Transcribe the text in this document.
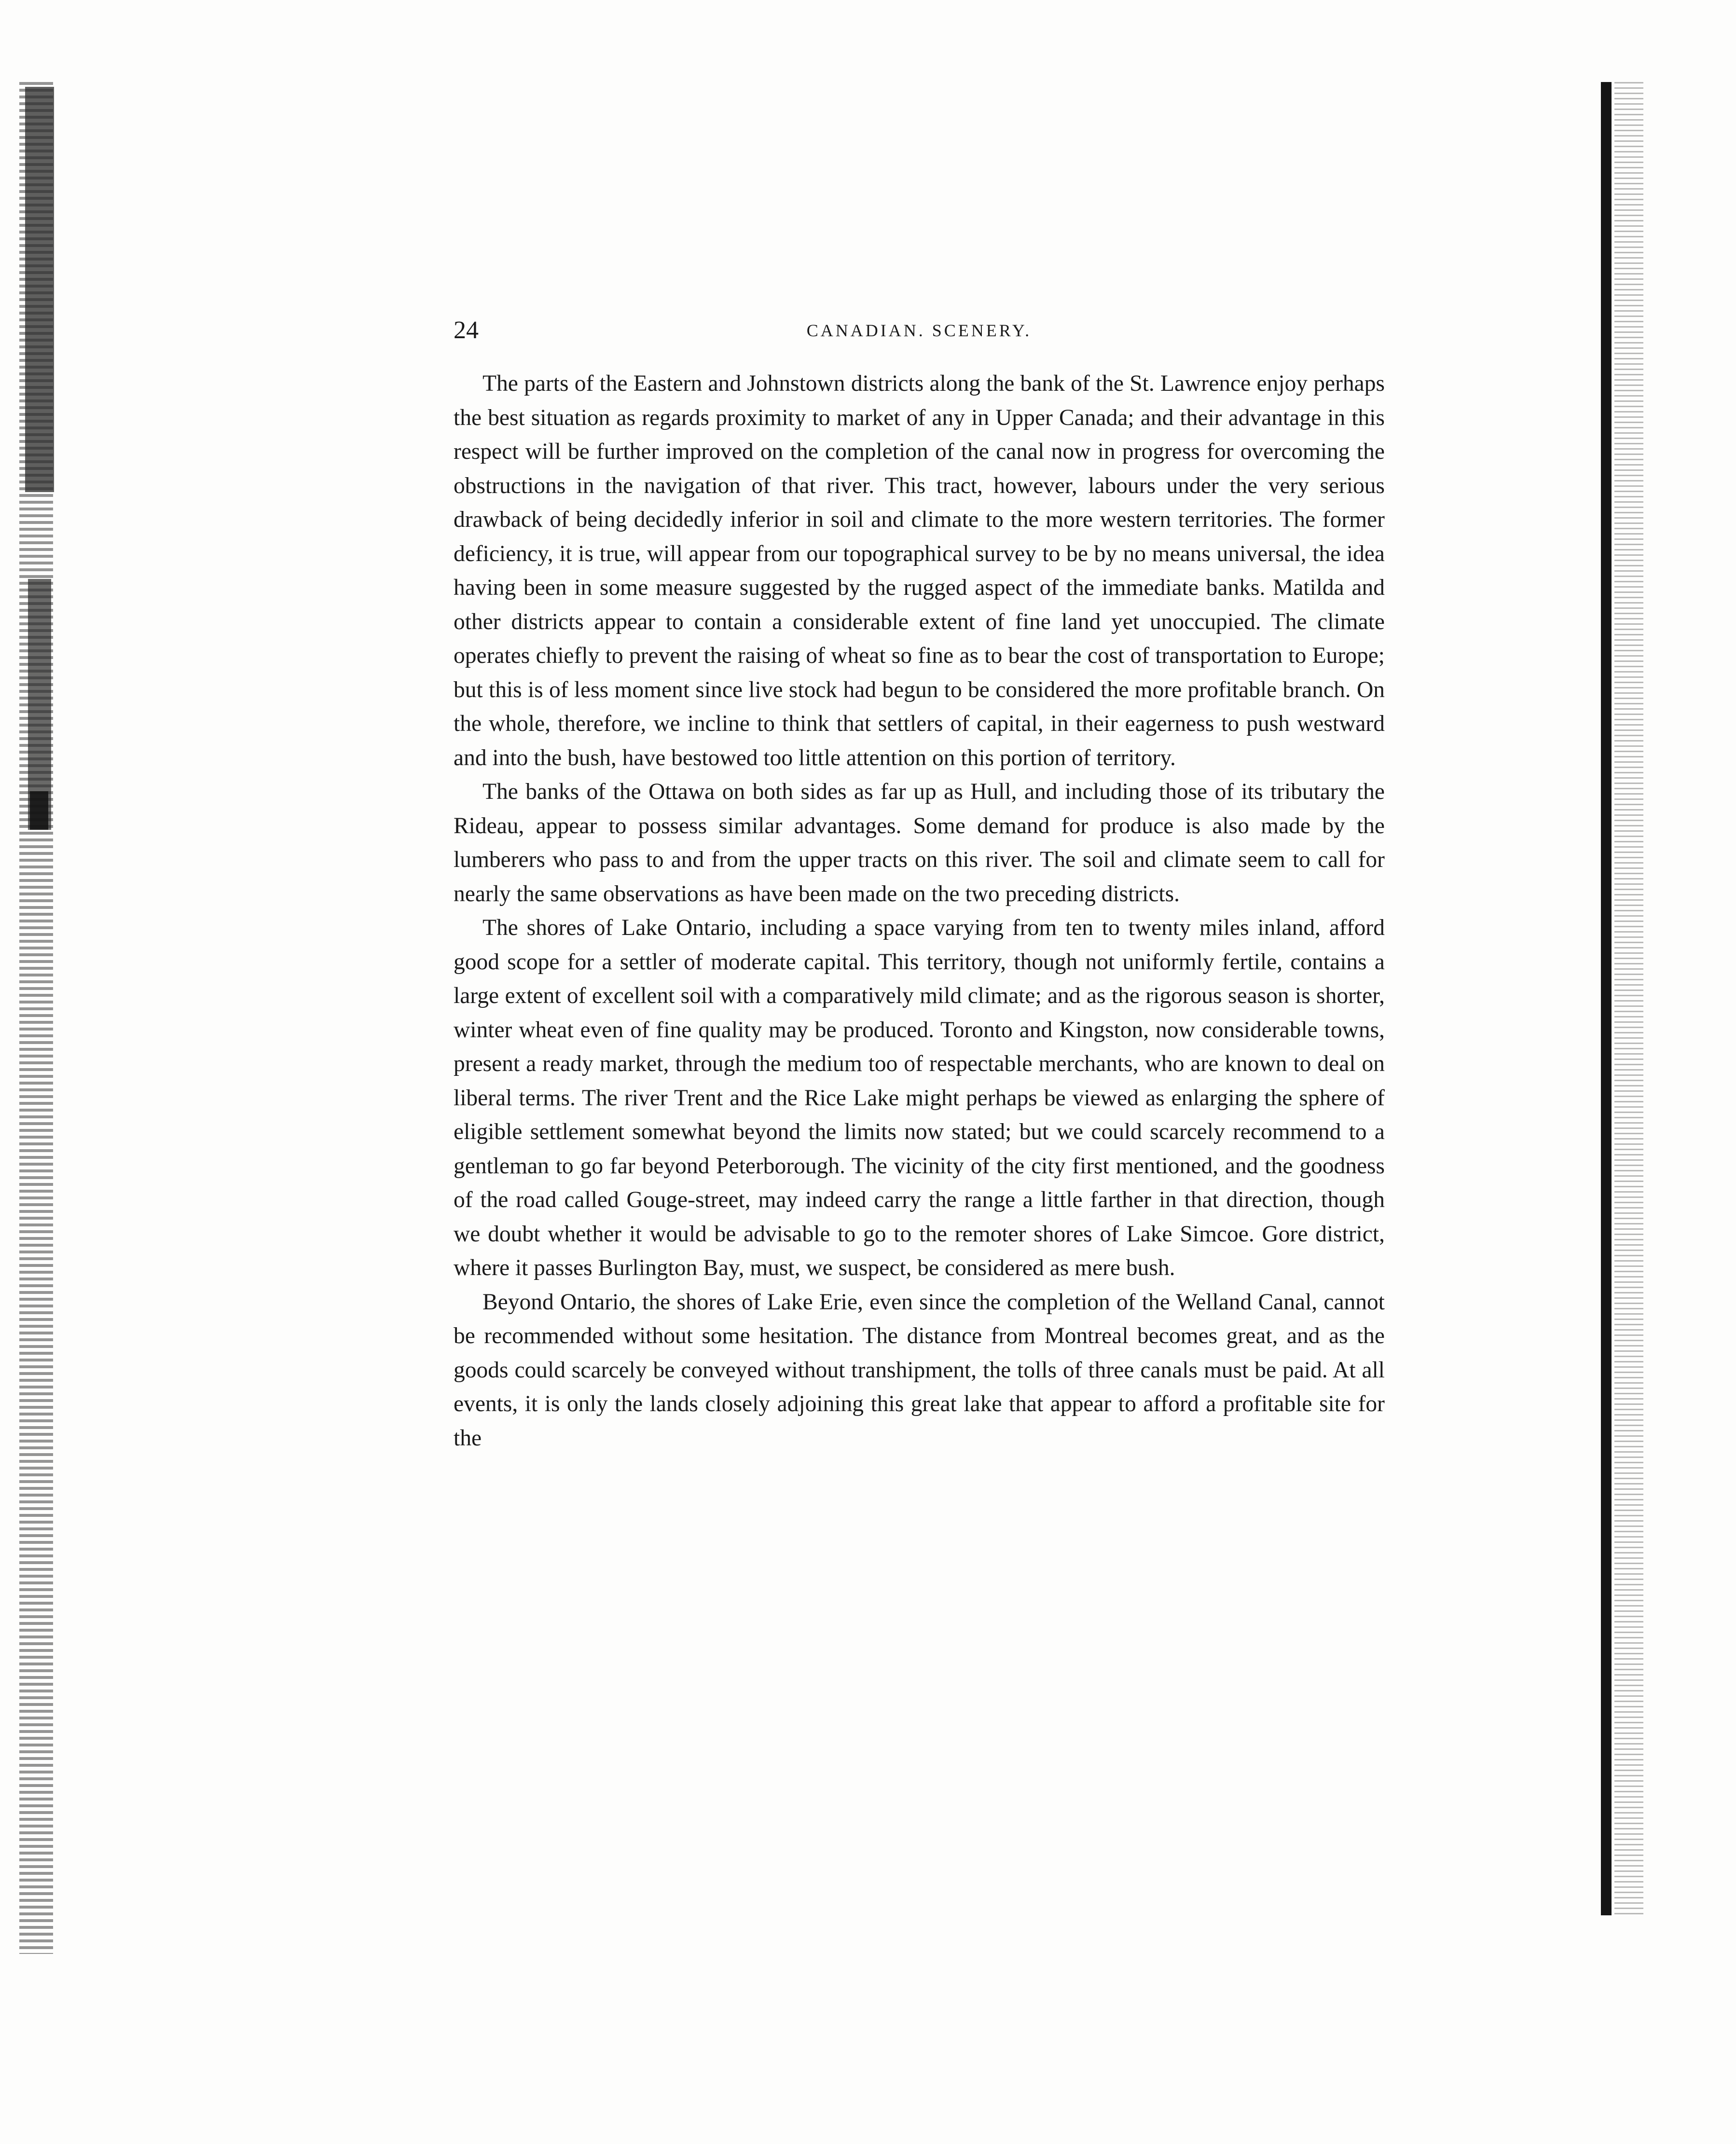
24	CANADIAN. SCENERY.

The parts of the Eastern and Johnstown districts along the bank of the St. Lawrence enjoy perhaps the best situation as regards proximity to market of any in Upper Canada; and their advantage in this respect will be further improved on the completion of the canal now in progress for overcoming the obstructions in the navigation of that river. This tract, however, labours under the very serious drawback of being decidedly inferior in soil and climate to the more western territories. The former deficiency, it is true, will appear from our topographical survey to be by no means universal, the idea having been in some measure suggested by the rugged aspect of the immediate banks. Matilda and other districts appear to contain a considerable extent of fine land yet unoccupied. The climate operates chiefly to prevent the raising of wheat so fine as to bear the cost of transportation to Europe; but this is of less moment since live stock had begun to be considered the more profitable branch. On the whole, therefore, we incline to think that settlers of capital, in their eagerness to push westward and into the bush, have bestowed too little attention on this portion of territory.

The banks of the Ottawa on both sides as far up as Hull, and including those of its tributary the Rideau, appear to possess similar advantages. Some demand for produce is also made by the lumberers who pass to and from the upper tracts on this river. The soil and climate seem to call for nearly the same observations as have been made on the two preceding districts.

The shores of Lake Ontario, including a space varying from ten to twenty miles inland, afford good scope for a settler of moderate capital. This territory, though not uniformly fertile, contains a large extent of excellent soil with a comparatively mild climate; and as the rigorous season is shorter, winter wheat even of fine quality may be produced. Toronto and Kingston, now considerable towns, present a ready market, through the medium too of respectable merchants, who are known to deal on liberal terms. The river Trent and the Rice Lake might perhaps be viewed as enlarging the sphere of eligible settlement somewhat beyond the limits now stated; but we could scarcely recommend to a gentleman to go far beyond Peterborough. The vicinity of the city first mentioned, and the goodness of the road called Gouge-street, may indeed carry the range a little farther in that direction, though we doubt whether it would be advisable to go to the remoter shores of Lake Simcoe. Gore district, where it passes Burlington Bay, must, we suspect, be considered as mere bush.

Beyond Ontario, the shores of Lake Erie, even since the completion of the Welland Canal, cannot be recommended without some hesitation. The distance from Montreal becomes great, and as the goods could scarcely be conveyed without transhipment, the tolls of three canals must be paid. At all events, it is only the lands closely adjoining this great lake that appear to afford a profitable site for the
